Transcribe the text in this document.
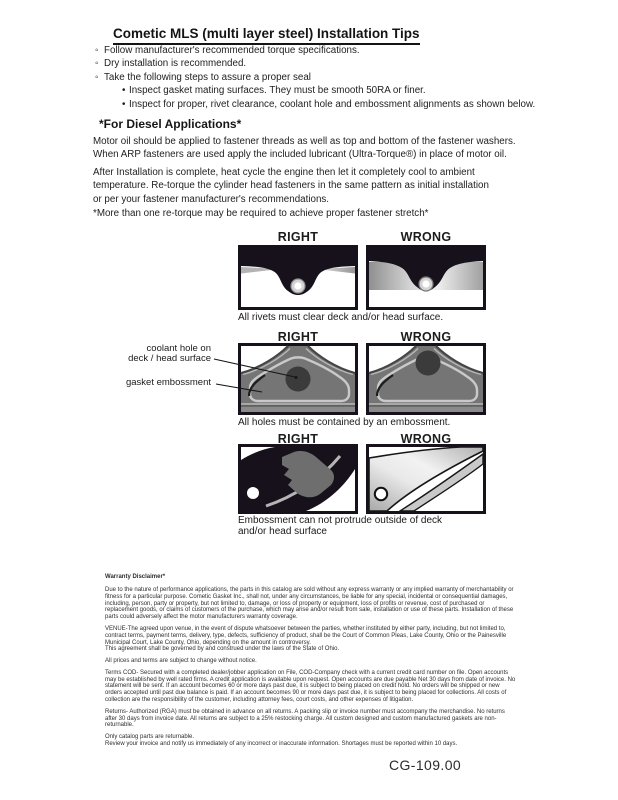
Cometic MLS (multi layer steel) Installation Tips
◦ Follow manufacturer's recommended torque specifications.
◦ Dry installation is recommended.
◦ Take the following steps to assure a proper seal
• Inspect gasket mating surfaces. They must be smooth 50RA or finer.
• Inspect for proper, rivet clearance, coolant hole and embossment alignments as shown below.
*For Diesel Applications*
Motor oil should be applied to fastener threads as well as top and bottom of the fastener washers.
When ARP fasteners are used apply the included lubricant (Ultra-Torque®) in place of motor oil.
After Installation is complete, heat cycle the engine then let it completely cool to ambient
temperature. Re-torque the cylinder head fasteners in the same pattern as initial installation
or per your fastener manufacturer's recommendations.
*More than one re-torque may be required to achieve proper fastener stretch*
RIGHT	WRONG
All rivets must clear deck and/or head surface.
RIGHT	WRONG
coolant hole on
deck / head surface
gasket embossment
All holes must be contained by an embossment.
RIGHT	WRONG
Embossment can not protrude outside of deck
and/or head surface
Warranty Disclaimer*
Due to the nature of performance applications, the parts in this catalog are sold without any express warranty or any implied warranty of merchantability or fitness for a particular purpose. Cometic Gasket Inc., shall not, under any circumstances, be liable for any special, incidental or consequential damages, including, person, party or property, but not limited to, damage, or loss of property or equipment, loss of profits or revenue, cost of purchased or replacement goods, or claims of customers of the purchase, which may arise and/or result from sale, installation or use of these parts. Installation of these parts could adversely affect the motor manufacturers warranty coverage.
VENUE-The agreed upon venue, in the event of dispute whatsoever between the parties, whether instituted by either party, including, but not limited to, contract terms, payment terms, delivery, type, defects, sufficiency of product, shall be the Court of Common Pleas, Lake County, Ohio or the Painesville Municipal Court, Lake County, Ohio, depending on the amount in controversy.
This agreement shall be governed by and construed under the laws of the State of Ohio.
All prices and terms are subject to change without notice.
Terms COD- Secured with a completed dealer/jobber application on File, COD-Company check with a current credit card number on file. Open accounts may be established by well rated firms. A credit application is available upon request. Open accounts are due payable Net 30 days from date of invoice. No statement will be sent. If an account becomes 60 or more days past due, it is subject to being placed on credit hold. No orders will be shipped or new orders accepted until past due balance is paid. If an account becomes 90 or more days past due, it is subject to being placed for collections. All costs of collection are the responsibility of the customer, including attorney fees, court costs, and other expenses of litigation.
Returns- Authorized (RGA) must be obtained in advance on all returns. A packing slip or invoice number must accompany the merchandise. No returns after 30 days from invoice date. All returns are subject to a 25% restocking charge. All custom designed and custom manufactured gaskets are non-returnable.
Only catalog parts are returnable.
Review your invoice and notify us immediately of any incorrect or inaccurate information. Shortages must be reported within 10 days.
CG-109.00
